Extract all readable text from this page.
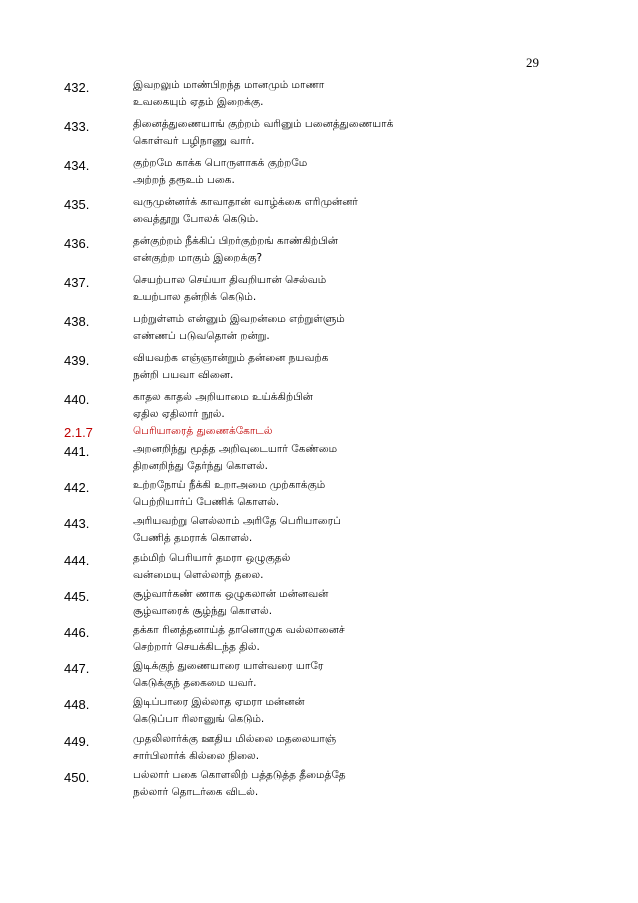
29
432.	இவறலும் மாண்பிறந்த மானமும் மாணா
உவகையும் ஏதம் இறைக்கு.
433.	தினைத்துணையாங் குற்றம் வரினும் பனைத்துணையாக்
கொள்வர் பழிநாணு வார்.
434.	குற்றமே காக்க பொருளாகக் குற்றமே
அற்றந் தரூஉம் பகை.
435.	வருமுன்னர்க் காவாதான் வாழ்க்கை எரிமுன்னர்
வைத்தூறு போலக் கெடும்.
436.	தன்குற்றம் நீக்கிப் பிறர்குற்றங் காண்கிற்பின்
என்குற்ற மாகும் இறைக்கு?
437.	செயற்பால செய்யா திவறியான் செல்வம்
உயற்பால தன்றிக் கெடும்.
438.	பற்றுள்ளம் என்னும் இவறன்மை எற்றுள்ளும்
எண்ணப் படுவதொன் றன்று.
439.	வியவற்க எஞ்ஞான்றும் தன்னை நயவற்க
நன்றி பயவா வினை.
440.	காதல காதல் அறியாமை உய்க்கிற்பின்
ஏதில ஏதிலார் நூல்.
2.1.7	பெரியாரைத் துணைக்கோடல்
441.	அறனறிந்து மூத்த அறிவுடையார் கேண்மை
திறனறிந்து தேர்ந்து கொளல்.
442.	உற்றநோய் நீக்கி உறாஅமை முற்காக்கும்
பெற்றியார்ப் பேணிக் கொளல்.
443.	அரியவற்று ளெல்லாம் அரிதே பெரியாரைப்
பேணித் தமராக் கொளல்.
444.	தம்மிற் பெரியார் தமரா ஒழுகுதல்
வன்மையு ளெல்லாந் தலை.
445.	சூழ்வார்கண் ணாக ஒழுகலான் மன்னவன்
சூழ்வாரைக் சூழ்ந்து கொளல்.
446.	தக்கா ரினத்தனாய்த் தானொழுக வல்லானைச்
செற்றார் செயக்கிடந்த தில்.
447.	இடிக்குந் துணையாரை யாள்வரை யாரே
கெடுக்குந் தகைமை யவர்.
448.	இடிப்பாரை இல்லாத ஏமரா மன்னன்
கெடுப்பா ரிலானுங் கெடும்.
449.	முதலிலார்க்கு ஊதிய மில்லை மதலையாஞ்
சார்பிலார்க் கில்லை நிலை.
450.	பல்லார் பகை கொளலிற் பத்தடுத்த தீமைத்தே
நல்லார் தொடர்கை விடல்.
